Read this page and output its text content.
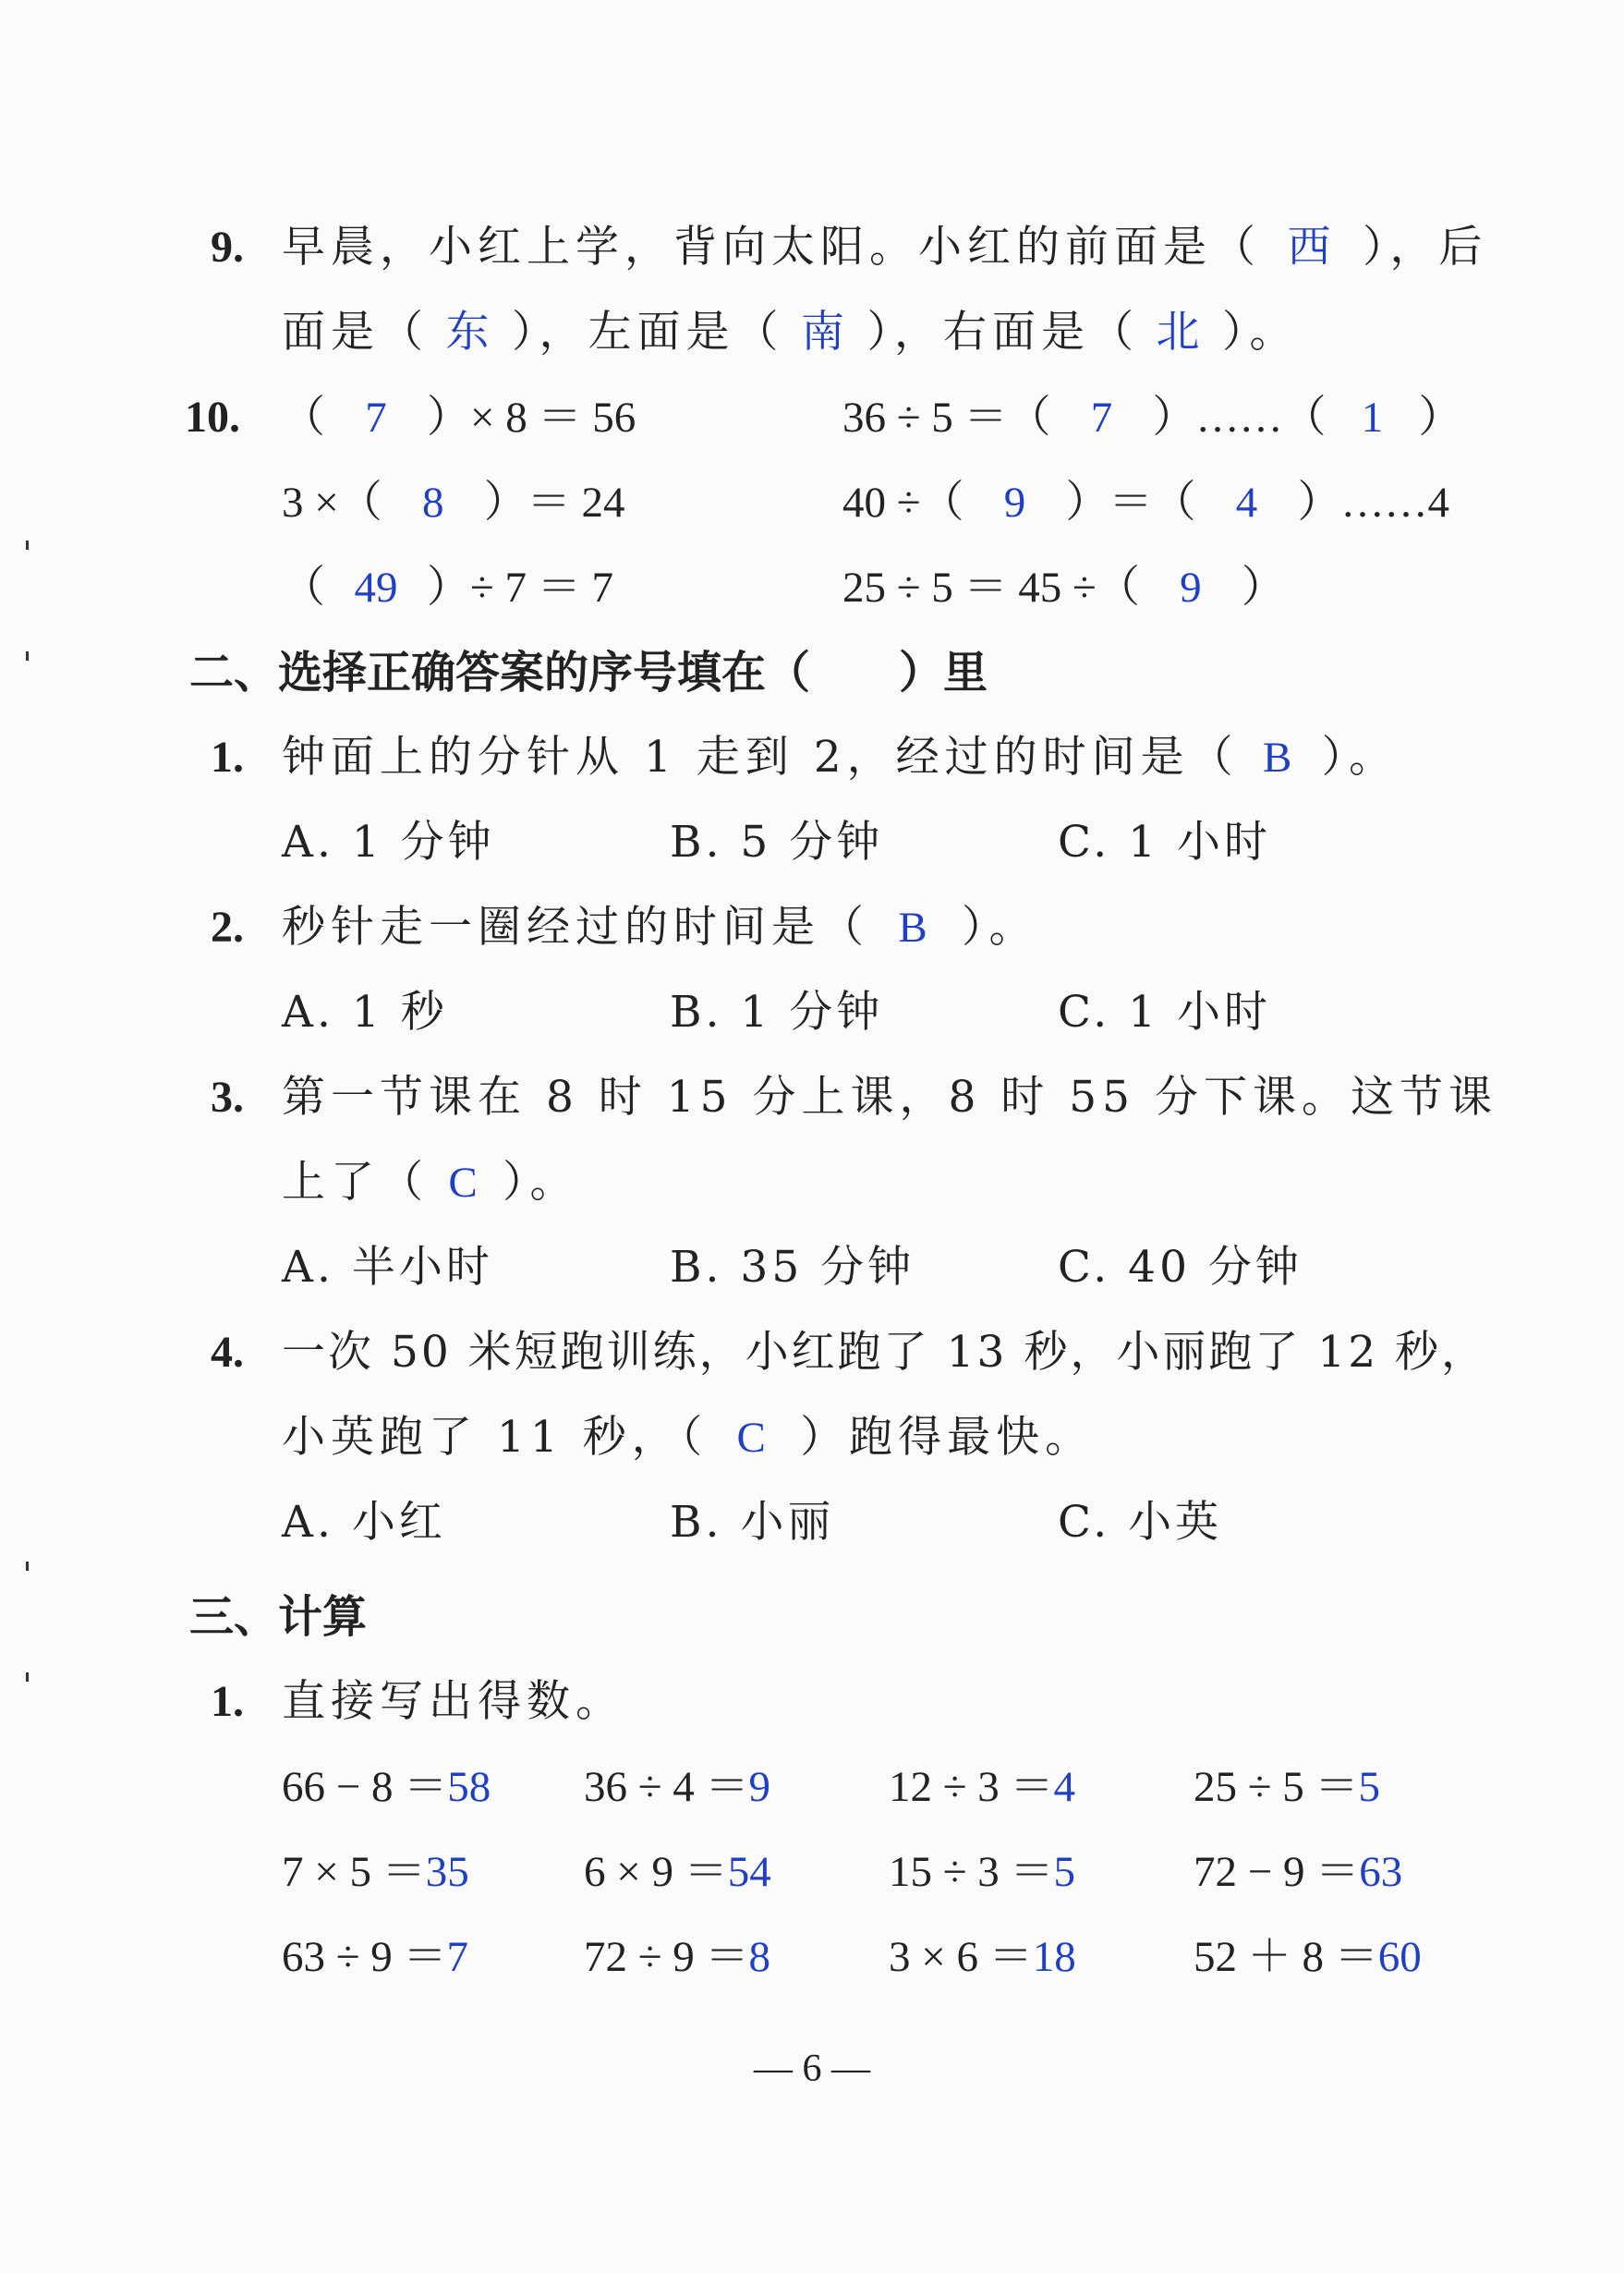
9. 早晨，小红上学，背向太阳。小红的前面是（ 西 ），后
面是（ 东 ），左面是（ 南 ），右面是（ 北 ）。
10. （ 7 ）× 8 ＝ 56	36 ÷ 5 ＝（ 7 ）……（ 1 ）
3 ×（ 8 ）＝ 24	40 ÷（ 9 ）＝（ 4 ）……4
（ 49 ）÷ 7 ＝ 7	25 ÷ 5 ＝ 45 ÷（ 9 ）
二、选择正确答案的序号填在（　　）里
1. 钟面上的分针从 1 走到 2，经过的时间是（ B ）。
A. 1 分钟	B. 5 分钟	C. 1 小时
2. 秒针走一圈经过的时间是（ B ）。
A. 1 秒	B. 1 分钟	C. 1 小时
3. 第一节课在 8 时 15 分上课，8 时 55 分下课。这节课
上了（ C ）。
A. 半小时	B. 35 分钟	C. 40 分钟
4. 一次 50 米短跑训练，小红跑了 13 秒，小丽跑了 12 秒，
小英跑了 11 秒，（ C ）跑得最快。
A. 小红	B. 小丽	C. 小英
三、计算
1. 直接写出得数。
66 − 8 ＝58 36 ÷ 4 ＝9	12 ÷ 3 ＝4	25 ÷ 5 ＝5
7 × 5 ＝35	6 × 9 ＝54	15 ÷ 3 ＝5	72 − 9 ＝63
63 ÷ 9 ＝7	72 ÷ 9 ＝8	3 × 6 ＝18	52 ＋ 8 ＝60
— 6 —
